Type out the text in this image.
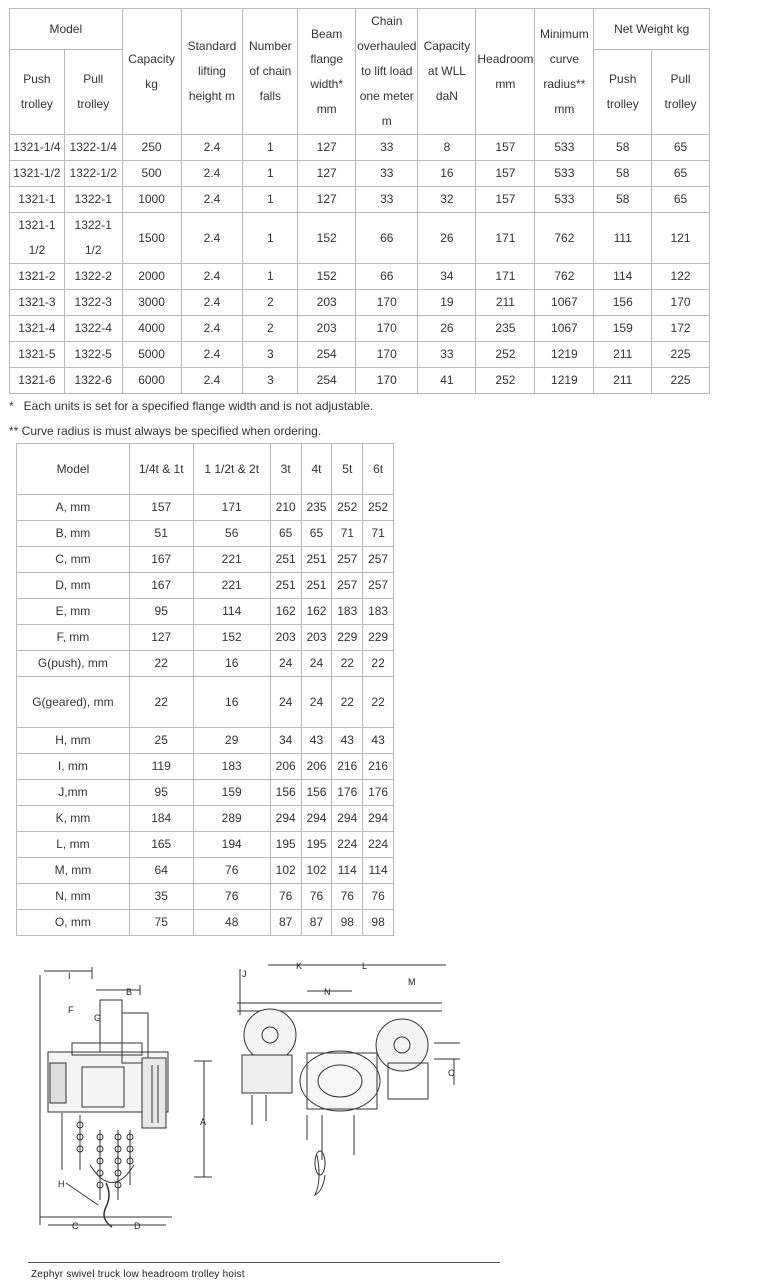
Model		Capacity kg	Standard lifting height m	Number of chain falls	Beam flange width* mm	Chain overhauled to lift load one meter m	Capacity at WLL daN	Headroom mm	Minimum curve radius** mm	Net Weight kg	
Push trolley	Pull trolley									Push trolley	Pull trolley
1321-1/4	1322-1/4	250	2.4	1	127	33	8	157	533	58	65
1321-1/2	1322-1/2	500	2.4	1	127	33	16	157	533	58	65
1321-1	1322-1	1000	2.4	1	127	33	32	157	533	58	65
1321-1 1/2	1322-1 1/2	1500	2.4	1	152	66	26	171	762	111	121
1321-2	1322-2	2000	2.4	1	152	66	34	171	762	114	122
1321-3	1322-3	3000	2.4	2	203	170	19	211	1067	156	170
1321-4	1322-4	4000	2.4	2	203	170	26	235	1067	159	172
1321-5	1322-5	5000	2.4	3	254	170	33	252	1219	211	225
1321-6	1322-6	6000	2.4	3	254	170	41	252	1219	211	225
*   Each units is set for a specified flange width and is not adjustable.
** Curve radius is must always be specified when ordering.
Model	1/4t & 1t	1 1/2t & 2t	3t	4t	5t	6t
A, mm	157	171	210	235	252	252
B, mm	51	56	65	65	71	71
C, mm	167	221	251	251	257	257
D, mm	167	221	251	251	257	257
E, mm	95	114	162	162	183	183
F, mm	127	152	203	203	229	229
G(push), mm	22	16	24	24	22	22
G(geared), mm	22	16	24	24	22	22
H, mm	25	29	34	43	43	43
I, mm	119	183	206	206	216	216
J,mm	95	159	156	156	176	176
K, mm	184	289	294	294	294	294
L, mm	165	194	195	195	224	224
M, mm	64	76	102	102	114	114
N, mm	35	76	76	76	76	76
O, mm	75	48	87	87	98	98
I
B
F
G
H
C	D
A
J
K	L
M
N
O
Zephyr swivel truck low headroom trolley hoist
